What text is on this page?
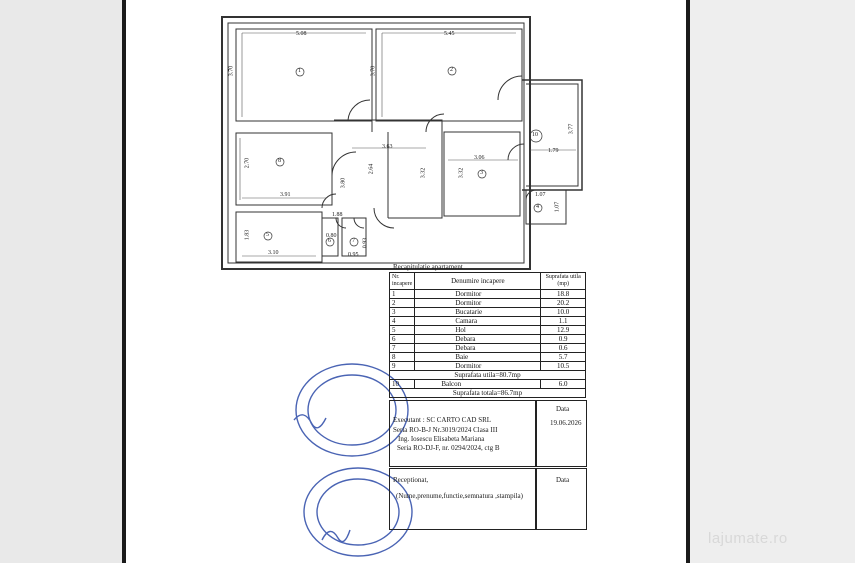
5.08	5.45
3.70	3.70
3.77
2.70
3.91
3.63
2.64
3.80
3.32
3.06
3.32
1.79
1.07
1.07
1.88
1.83
3.10
0.80
0.93
0.95
1	2
3
4
5
6	7
8
10
Recapitulatie apartament
Nr. incapere	Denumire incapere	Suprafata utila (mp)
1	Dormitor	18.8
2	Dormitor	20.2
3	Bucatarie	10.0
4	Camara	1.1
5	Hol	12.9
6	Debara	0.9
7	Debara	0.6
8	Baie	5.7
9	Dormitor	10.5
Suprafata utila=80.7mp		
10	Balcon	6.0
Suprafata totala=86.7mp		
Executant : SC CARTO CAD SRL
Seria RO-B-J Nr.3019/2024 Clasa III
Ing. Iosescu Elisabeta Mariana
Seria RO-DJ-F, nr. 0294/2024, ctg B
Data
19.06.2026
Receptionat,
(Nume,prenume,functie,semnatura ,stampila)
Data
lajumate.ro
